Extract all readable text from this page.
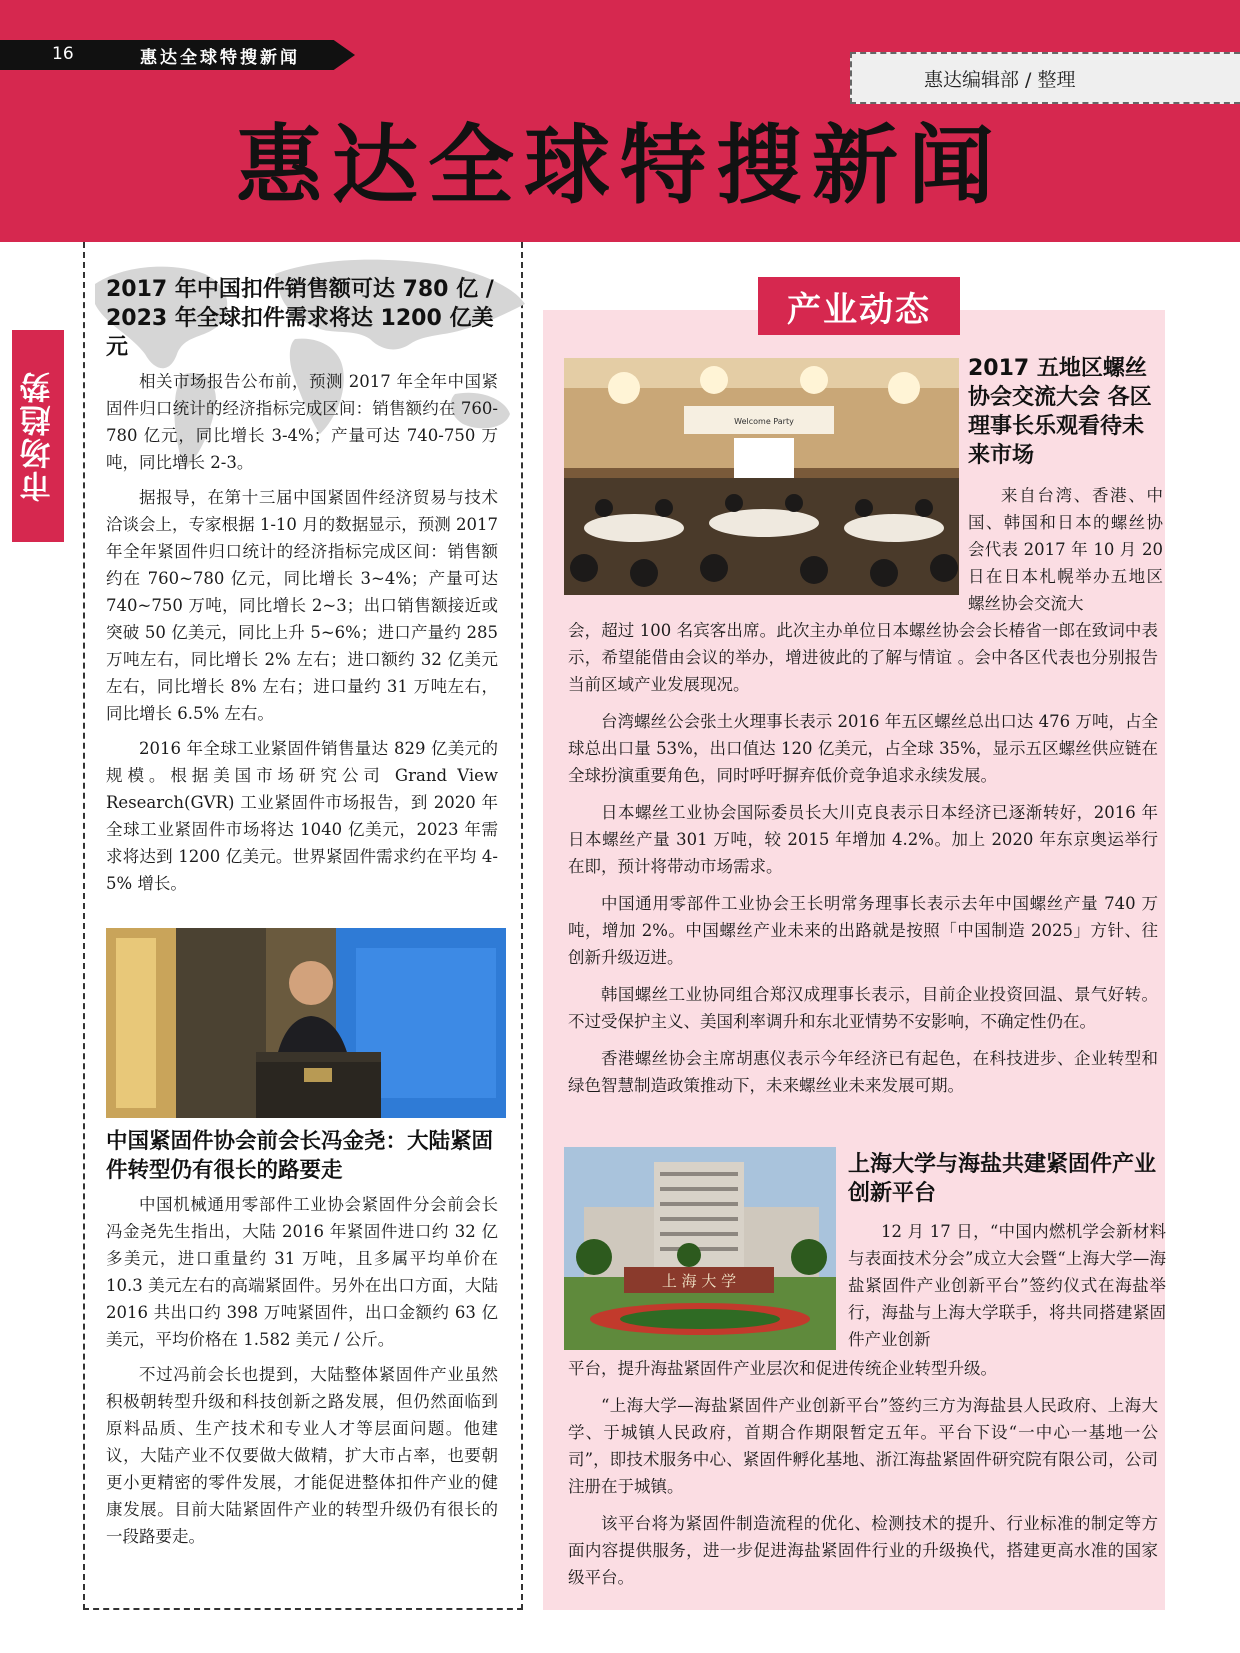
16	惠达全球特搜新闻
惠达编辑部 / 整理
惠达全球特搜新闻
市场趋势
2017 年中国扣件销售额可达 780 亿 / 2023 年全球扣件需求将达 1200 亿美元

相关市场报告公布前，预测 2017 年全年中国紧固件归口统计的经济指标完成区间：销售额约在 760-780 亿元，同比增长 3-4%；产量可达 740-750 万吨，同比增长 2-3。

据报导，在第十三届中国紧固件经济贸易与技术洽谈会上，专家根据 1-10 月的数据显示，预测 2017 年全年紧固件归口统计的经济指标完成区间：销售额约在 760~780 亿元，同比增长 3~4%；产量可达 740~750 万吨，同比增长 2~3；出口销售额接近或突破 50 亿美元，同比上升 5~6%；进口产量约 285 万吨左右，同比增长 2% 左右；进口额约 32 亿美元左右，同比增长 8% 左右；进口量约 31 万吨左右，同比增长 6.5% 左右。

2016 年全球工业紧固件销售量达 829 亿美元的规模。根据美国市场研究公司 Grand View Research(GVR) 工业紧固件市场报告，到 2020 年全球工业紧固件市场将达 1040 亿美元，2023 年需求将达到 1200 亿美元。世界紧固件需求约在平均 4-5% 增长。

中国紧固件协会前会长冯金尧：大陆紧固件转型仍有很长的路要走

中国机械通用零部件工业协会紧固件分会前会长冯金尧先生指出，大陆 2016 年紧固件进口约 32 亿多美元，进口重量约 31 万吨，且多属平均单价在 10.3 美元左右的高端紧固件。另外在出口方面，大陆 2016 共出口约 398 万吨紧固件，出口金额约 63 亿美元，平均价格在 1.582 美元 / 公斤。

不过冯前会长也提到，大陆整体紧固件产业虽然积极朝转型升级和科技创新之路发展，但仍然面临到原料品质、生产技术和专业人才等层面问题。他建议，大陆产业不仅要做大做精，扩大市占率，也要朝更小更精密的零件发展，才能促进整体扣件产业的健康发展。目前大陆紧固件产业的转型升级仍有很长的一段路要走。

产业动态
Welcome Party
2017 五地区螺丝协会交流大会 各区理事长乐观看待未来市场

来自台湾、香港、中国、韩国和日本的螺丝协会代表 2017 年 10 月 20 日在日本札幌举办五地区螺丝协会交流大

会，超过 100 名宾客出席。此次主办单位日本螺丝协会会长椿省一郎在致词中表示，希望能借由会议的举办，增进彼此的了解与情谊 。会中各区代表也分别报告当前区域产业发展现况。

台湾螺丝公会张土火理事长表示 2016 年五区螺丝总出口达 476 万吨，占全球总出口量 53%，出口值达 120 亿美元，占全球 35%，显示五区螺丝供应链在全球扮演重要角色，同时呼吁摒弃低价竞争追求永续发展。

日本螺丝工业协会国际委员长大川克良表示日本经济已逐渐转好，2016 年日本螺丝产量 301 万吨，较 2015 年增加 4.2%。加上 2020 年东京奥运举行在即，预计将带动市场需求。

中国通用零部件工业协会王长明常务理事长表示去年中国螺丝产量 740 万吨，增加 2%。中国螺丝产业未来的出路就是按照「中国制造 2025」方针、往创新升级迈进。

韩国螺丝工业协同组合郑汉成理事长表示，目前企业投资回温、景气好转。不过受保护主义、美国利率调升和东北亚情势不安影响，不确定性仍在。

香港螺丝协会主席胡惠仪表示今年经济已有起色，在科技进步、企业转型和绿色智慧制造政策推动下，未来螺丝业未来发展可期。

上 海 大 学
上海大学与海盐共建紧固件产业创新平台

12 月 17 日，“中国内燃机学会新材料与表面技术分会”成立大会暨“上海大学—海盐紧固件产业创新平台”签约仪式在海盐举行，海盐与上海大学联手，将共同搭建紧固件产业创新

平台，提升海盐紧固件产业层次和促进传统企业转型升级。

“上海大学—海盐紧固件产业创新平台”签约三方为海盐县人民政府、上海大学、于城镇人民政府，首期合作期限暂定五年。平台下设“一中心一基地一公司”，即技术服务中心、紧固件孵化基地、浙江海盐紧固件研究院有限公司，公司注册在于城镇。

该平台将为紧固件制造流程的优化、检测技术的提升、行业标准的制定等方面内容提供服务，进一步促进海盐紧固件行业的升级换代，搭建更高水准的国家级平台。
